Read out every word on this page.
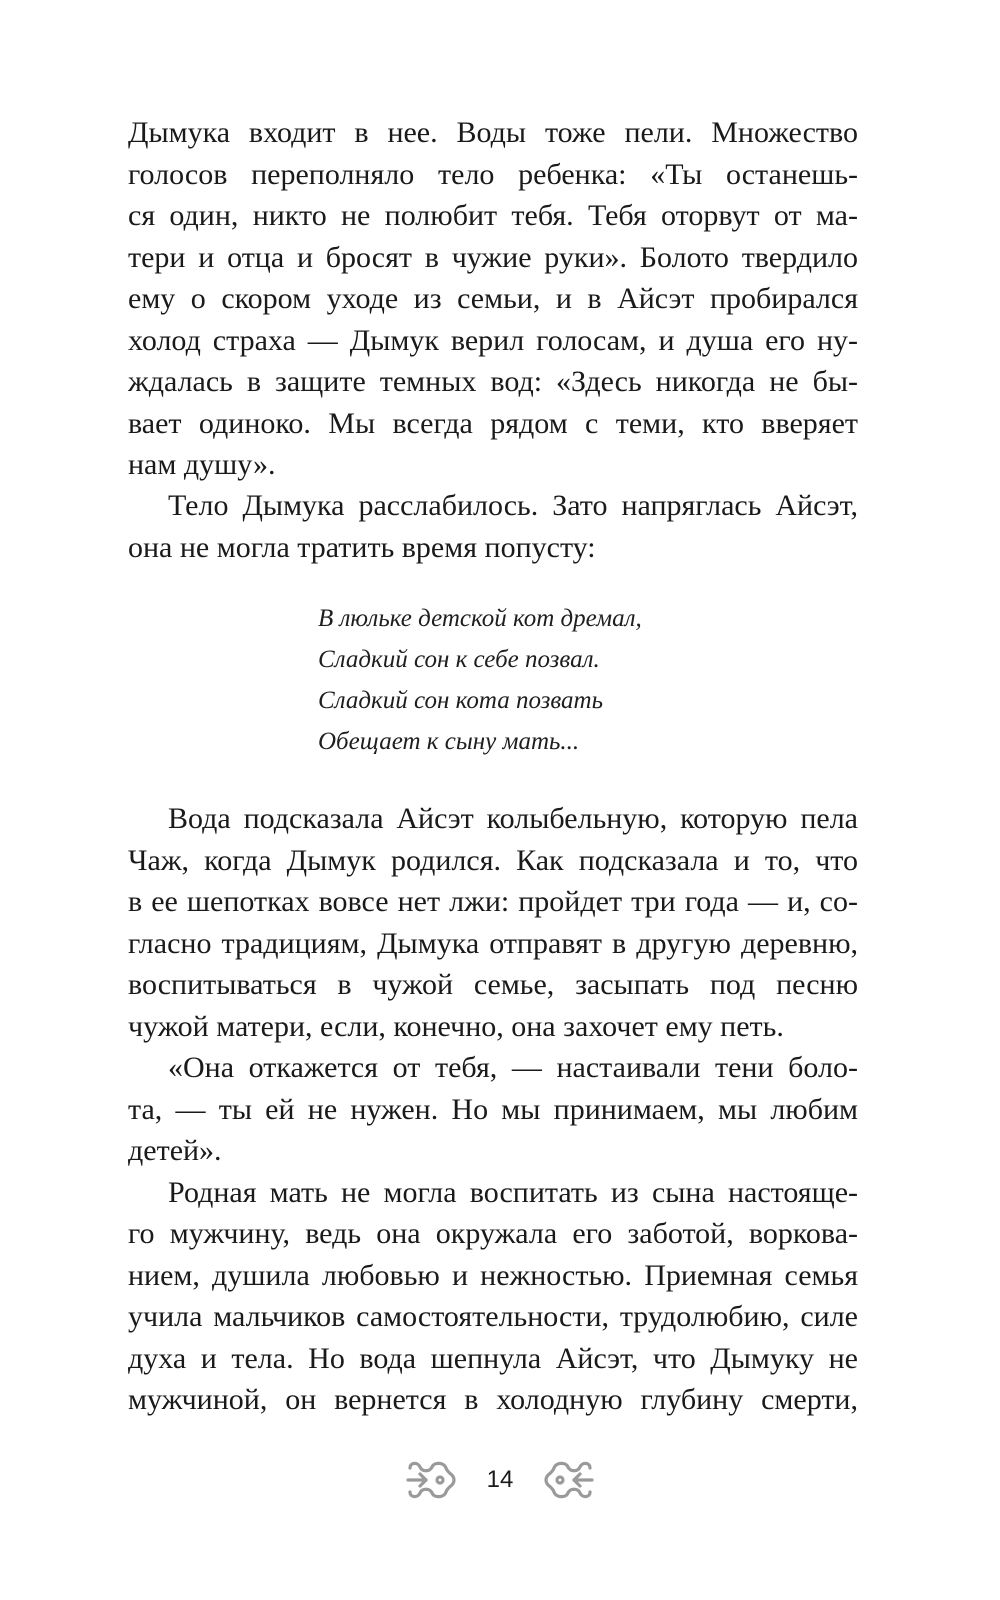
Дымука входит в нее. Воды тоже пели. Множество
голосов переполняло тело ребенка: «Ты останешь-
ся один, никто не полюбит тебя. Тебя оторвут от ма-
тери и отца и бросят в чужие руки». Болото твердило
ему о скором уходе из семьи, и в Айсэт пробирался
холод страха — Дымук верил голосам, и душа его ну-
ждалась в защите темных вод: «Здесь никогда не бы-
вает одиноко. Мы всегда рядом с теми, кто вверяет
нам душу».
Тело Дымука расслабилось. Зато напряглась Айсэт,
она не могла тратить время попусту:
В люльке детской кот дремал,
Сладкий сон к себе позвал.
Сладкий сон кота позвать
Обещает к сыну мать...
Вода подсказала Айсэт колыбельную, которую пела
Чаж, когда Дымук родился. Как подсказала и то, что
в ее шепотках вовсе нет лжи: пройдет три года — и, со-
гласно традициям, Дымука отправят в другую деревню,
воспитываться в чужой семье, засыпать под песню
чужой матери, если, конечно, она захочет ему петь.
«Она откажется от тебя, — настаивали тени боло-
та, — ты ей не нужен. Но мы принимаем, мы любим
детей».
Родная мать не могла воспитать из сына настояще-
го мужчину, ведь она окружала его заботой, воркова-
нием, душила любовью и нежностью. Приемная семья
учила мальчиков самостоятельности, трудолюбию, силе
духа и тела. Но вода шепнула Айсэт, что Дымуку не
мужчиной, он вернется в холодную глубину смерти,
14
